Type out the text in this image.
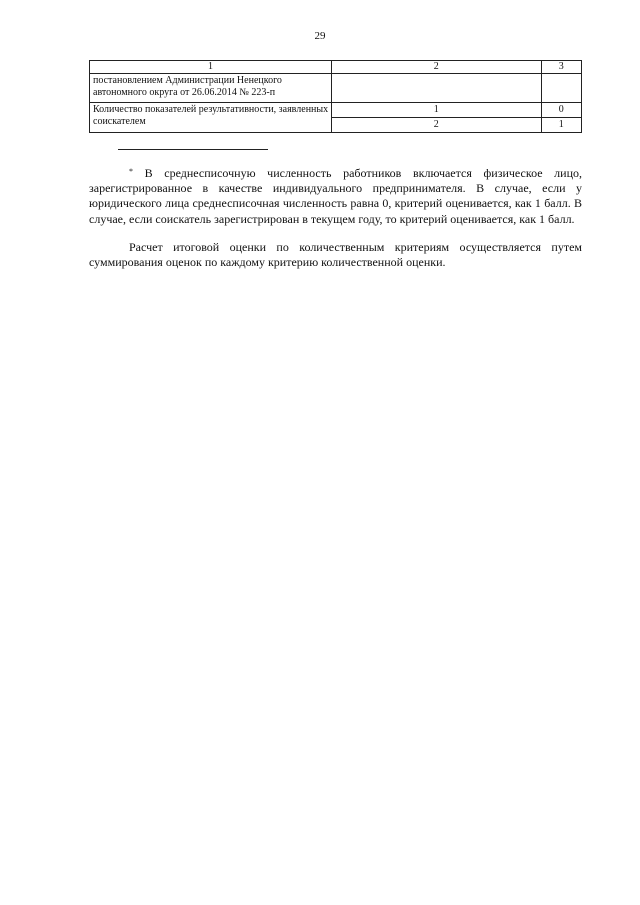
29
1	2	3
постановлением Администрации Ненецкого автономного округа от 26.06.2014 № 223-п		
Количество показателей результативности, заявленных соискателем	1	0
	2	1
* В среднесписочную численность работников включается физическое лицо, зарегистрированное в качестве индивидуального предпринимателя. В случае, если у юридического лица среднесписочная численность равна 0, критерий оценивается, как 1 балл. В случае, если соискатель зарегистрирован в текущем году, то критерий оценивается, как 1 балл.
Расчет итоговой оценки по количественным критериям осуществляется путем суммирования оценок по каждому критерию количественной оценки.
